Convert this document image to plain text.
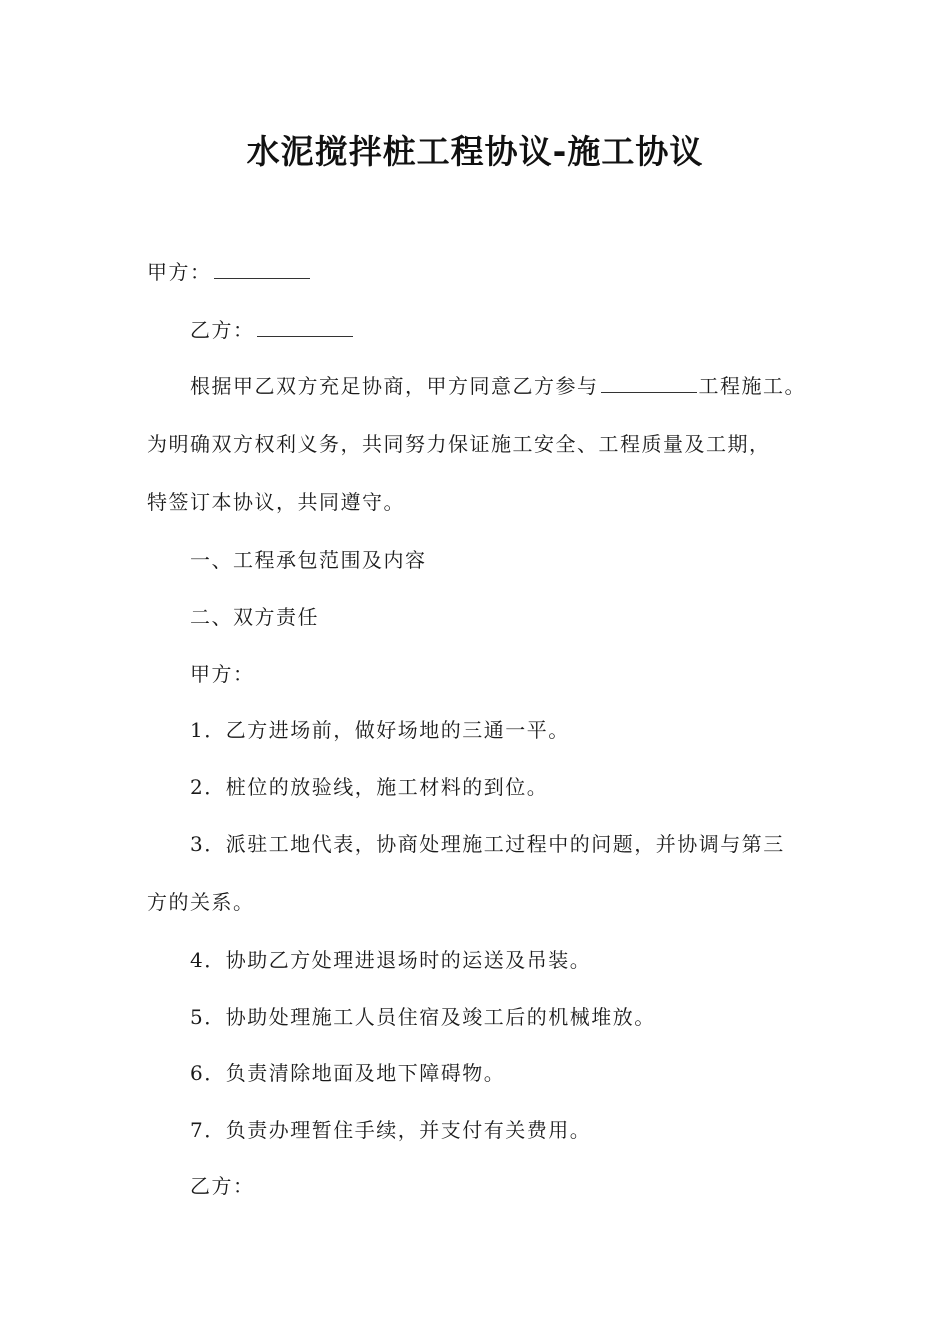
水泥搅拌桩工程协议-施工协议
甲方：
乙方：
根据甲乙双方充足协商，甲方同意乙方参与	工程施工。
为明确双方权利义务，共同努力保证施工安全、工程质量及工期，
特签订本协议，共同遵守。
一、工程承包范围及内容
二、双方责任
甲方：
1．乙方进场前，做好场地的三通一平。
2．桩位的放验线，施工材料的到位。
3．派驻工地代表，协商处理施工过程中的问题，并协调与第三
方的关系。
4．协助乙方处理进退场时的运送及吊装。
5．协助处理施工人员住宿及竣工后的机械堆放。
6．负责清除地面及地下障碍物。
7．负责办理暂住手续，并支付有关费用。
乙方：
